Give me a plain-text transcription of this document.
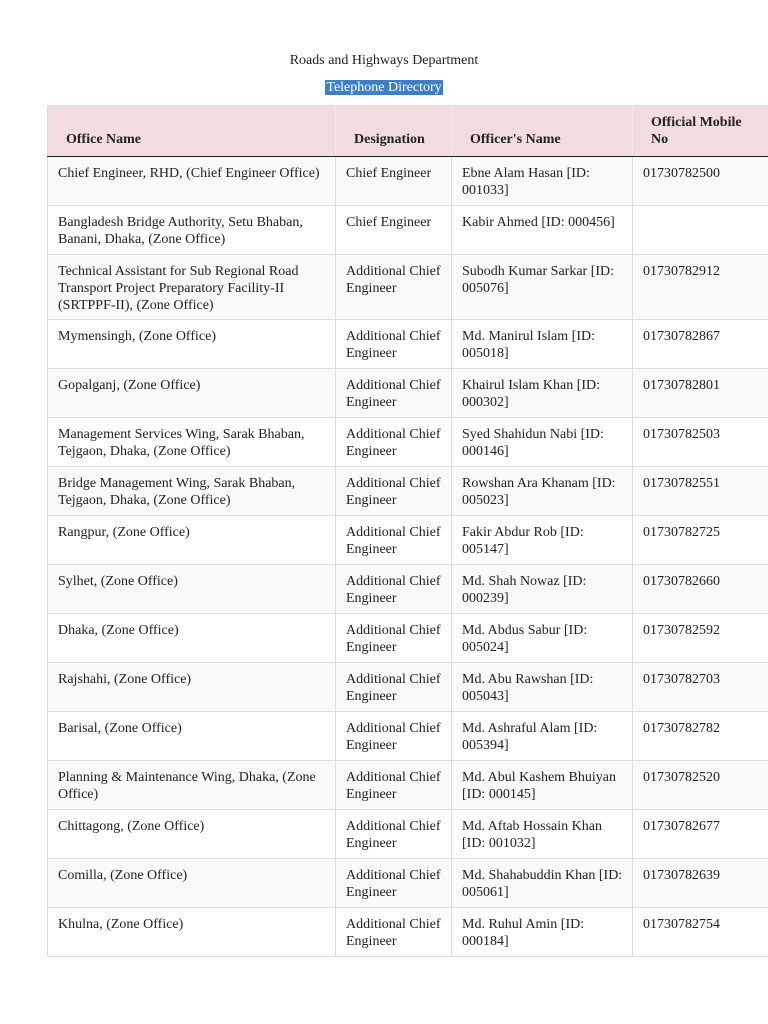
Roads and Highways Department
Telephone Directory
Office Name	Designation	Officer's Name	Official Mobile No
Chief Engineer, RHD, (Chief Engineer Office)	Chief Engineer	Ebne Alam Hasan [ID: 001033]	01730782500
Bangladesh Bridge Authority, Setu Bhaban, Banani, Dhaka, (Zone Office)	Chief Engineer	Kabir Ahmed [ID: 000456]	
Technical Assistant for Sub Regional Road Transport Project Preparatory Facility-II (SRTPPF-II), (Zone Office)	Additional Chief Engineer	Subodh Kumar Sarkar [ID: 005076]	01730782912
Mymensingh, (Zone Office)	Additional Chief Engineer	Md. Manirul Islam [ID: 005018]	01730782867
Gopalganj, (Zone Office)	Additional Chief Engineer	Khairul Islam Khan [ID: 000302]	01730782801
Management Services Wing, Sarak Bhaban, Tejgaon, Dhaka, (Zone Office)	Additional Chief Engineer	Syed Shahidun Nabi [ID: 000146]	01730782503
Bridge Management Wing, Sarak Bhaban, Tejgaon, Dhaka, (Zone Office)	Additional Chief Engineer	Rowshan Ara Khanam [ID: 005023]	01730782551
Rangpur, (Zone Office)	Additional Chief Engineer	Fakir Abdur Rob [ID: 005147]	01730782725
Sylhet, (Zone Office)	Additional Chief Engineer	Md. Shah Nowaz [ID: 000239]	01730782660
Dhaka, (Zone Office)	Additional Chief Engineer	Md. Abdus Sabur [ID: 005024]	01730782592
Rajshahi, (Zone Office)	Additional Chief Engineer	Md. Abu Rawshan [ID: 005043]	01730782703
Barisal, (Zone Office)	Additional Chief Engineer	Md. Ashraful Alam [ID: 005394]	01730782782
Planning & Maintenance Wing, Dhaka, (Zone Office)	Additional Chief Engineer	Md. Abul Kashem Bhuiyan [ID: 000145]	01730782520
Chittagong, (Zone Office)	Additional Chief Engineer	Md. Aftab Hossain Khan [ID: 001032]	01730782677
Comilla, (Zone Office)	Additional Chief Engineer	Md. Shahabuddin Khan [ID: 005061]	01730782639
Khulna, (Zone Office)	Additional Chief Engineer	Md. Ruhul Amin [ID: 000184]	01730782754
